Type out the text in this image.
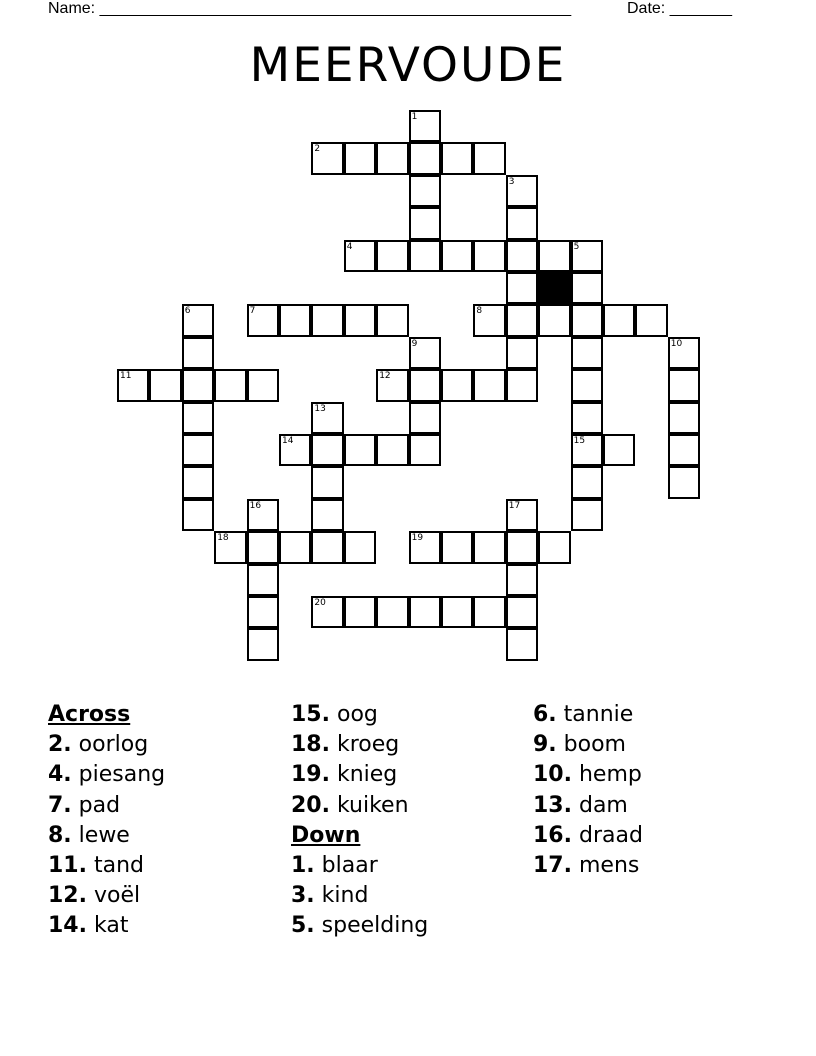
Name: _____________________________________________________	Date: _______
MEERVOUDE
1
2
3
4	5
6	7	8
9	10
11	12
13
14	15
16	17
18	19
20
Across
2. oorlog
4. piesang
7. pad
8. lewe
11. tand
12. voël
14. kat
15. oog
18. kroeg
19. knieg
20. kuiken
Down
1. blaar
3. kind
5. speelding
6. tannie
9. boom
10. hemp
13. dam
16. draad
17. mens
